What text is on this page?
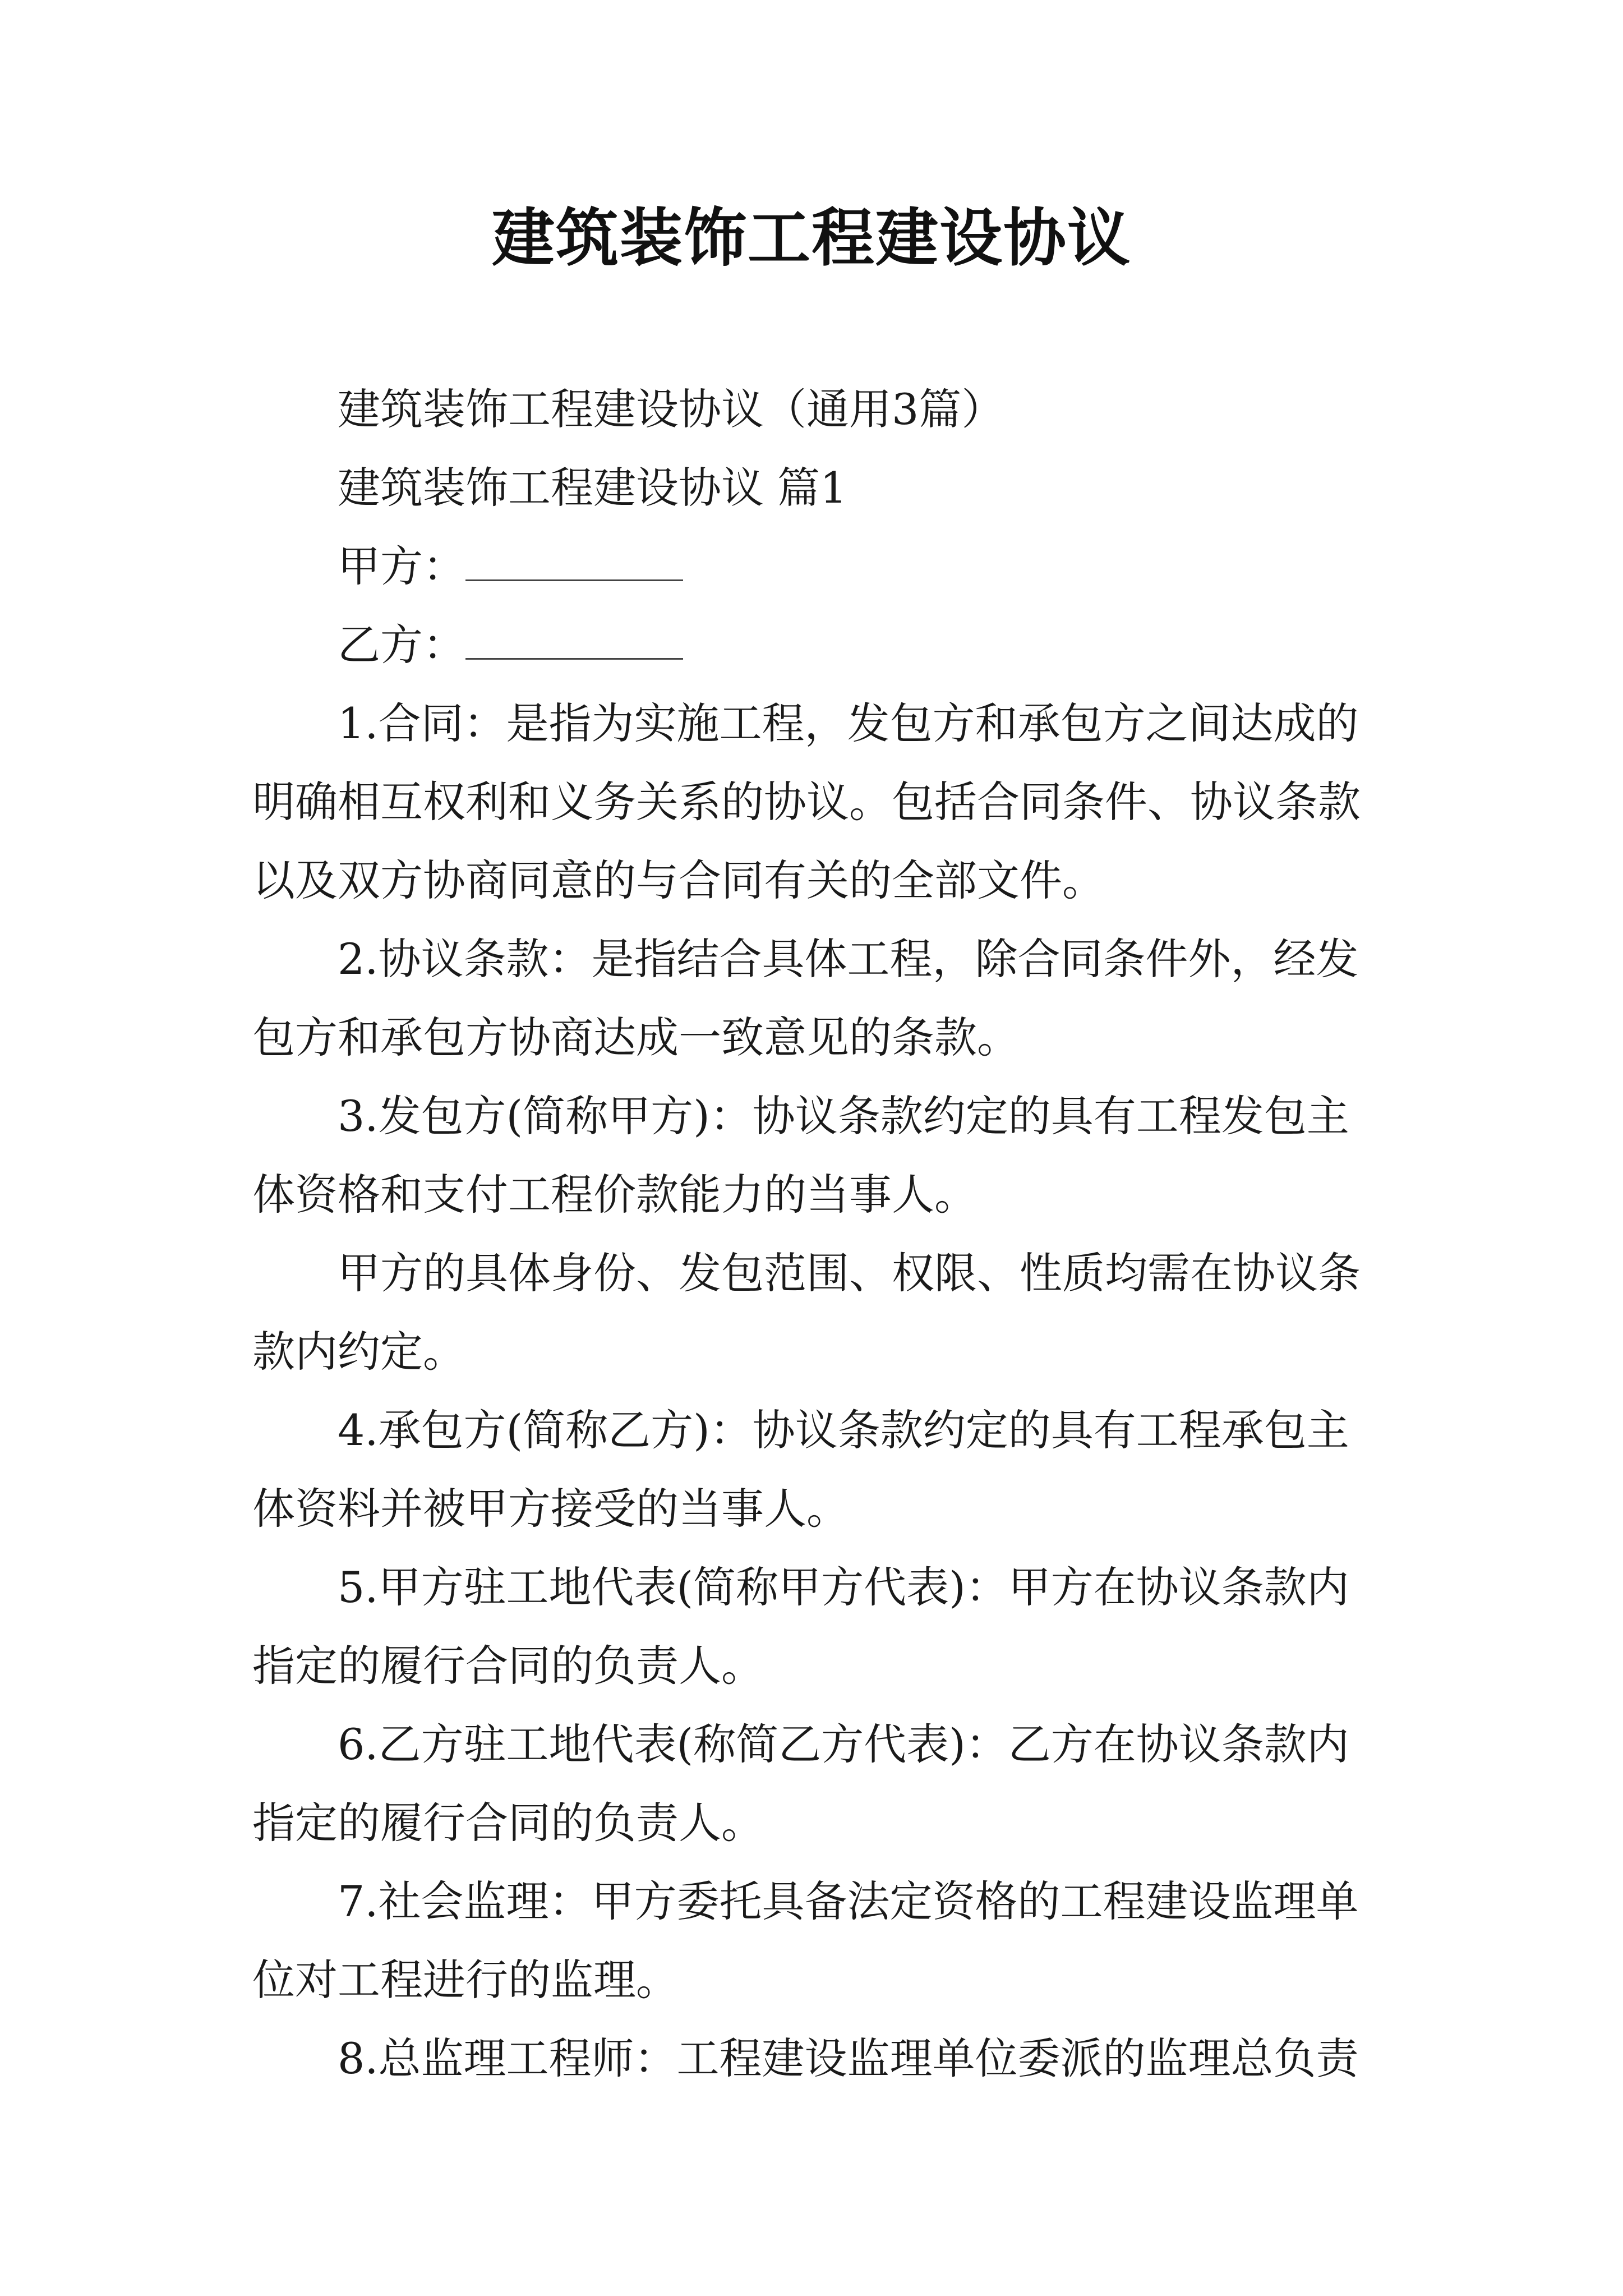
建筑装饰工程建设协议
建筑装饰工程建设协议（通用3篇）
建筑装饰工程建设协议 篇1
甲方：
乙方：
1.合同：是指为实施工程，发包方和承包方之间达成的
明确相互权利和义务关系的协议。包括合同条件、协议条款
以及双方协商同意的与合同有关的全部文件。
2.协议条款：是指结合具体工程，除合同条件外，经发
包方和承包方协商达成一致意见的条款。
3.发包方(简称甲方)：协议条款约定的具有工程发包主
体资格和支付工程价款能力的当事人。
甲方的具体身份、发包范围、权限、性质均需在协议条
款内约定。
4.承包方(简称乙方)：协议条款约定的具有工程承包主
体资料并被甲方接受的当事人。
5.甲方驻工地代表(简称甲方代表)：甲方在协议条款内
指定的履行合同的负责人。
6.乙方驻工地代表(称简乙方代表)：乙方在协议条款内
指定的履行合同的负责人。
7.社会监理：甲方委托具备法定资格的工程建设监理单
位对工程进行的监理。
8.总监理工程师：工程建设监理单位委派的监理总负责
